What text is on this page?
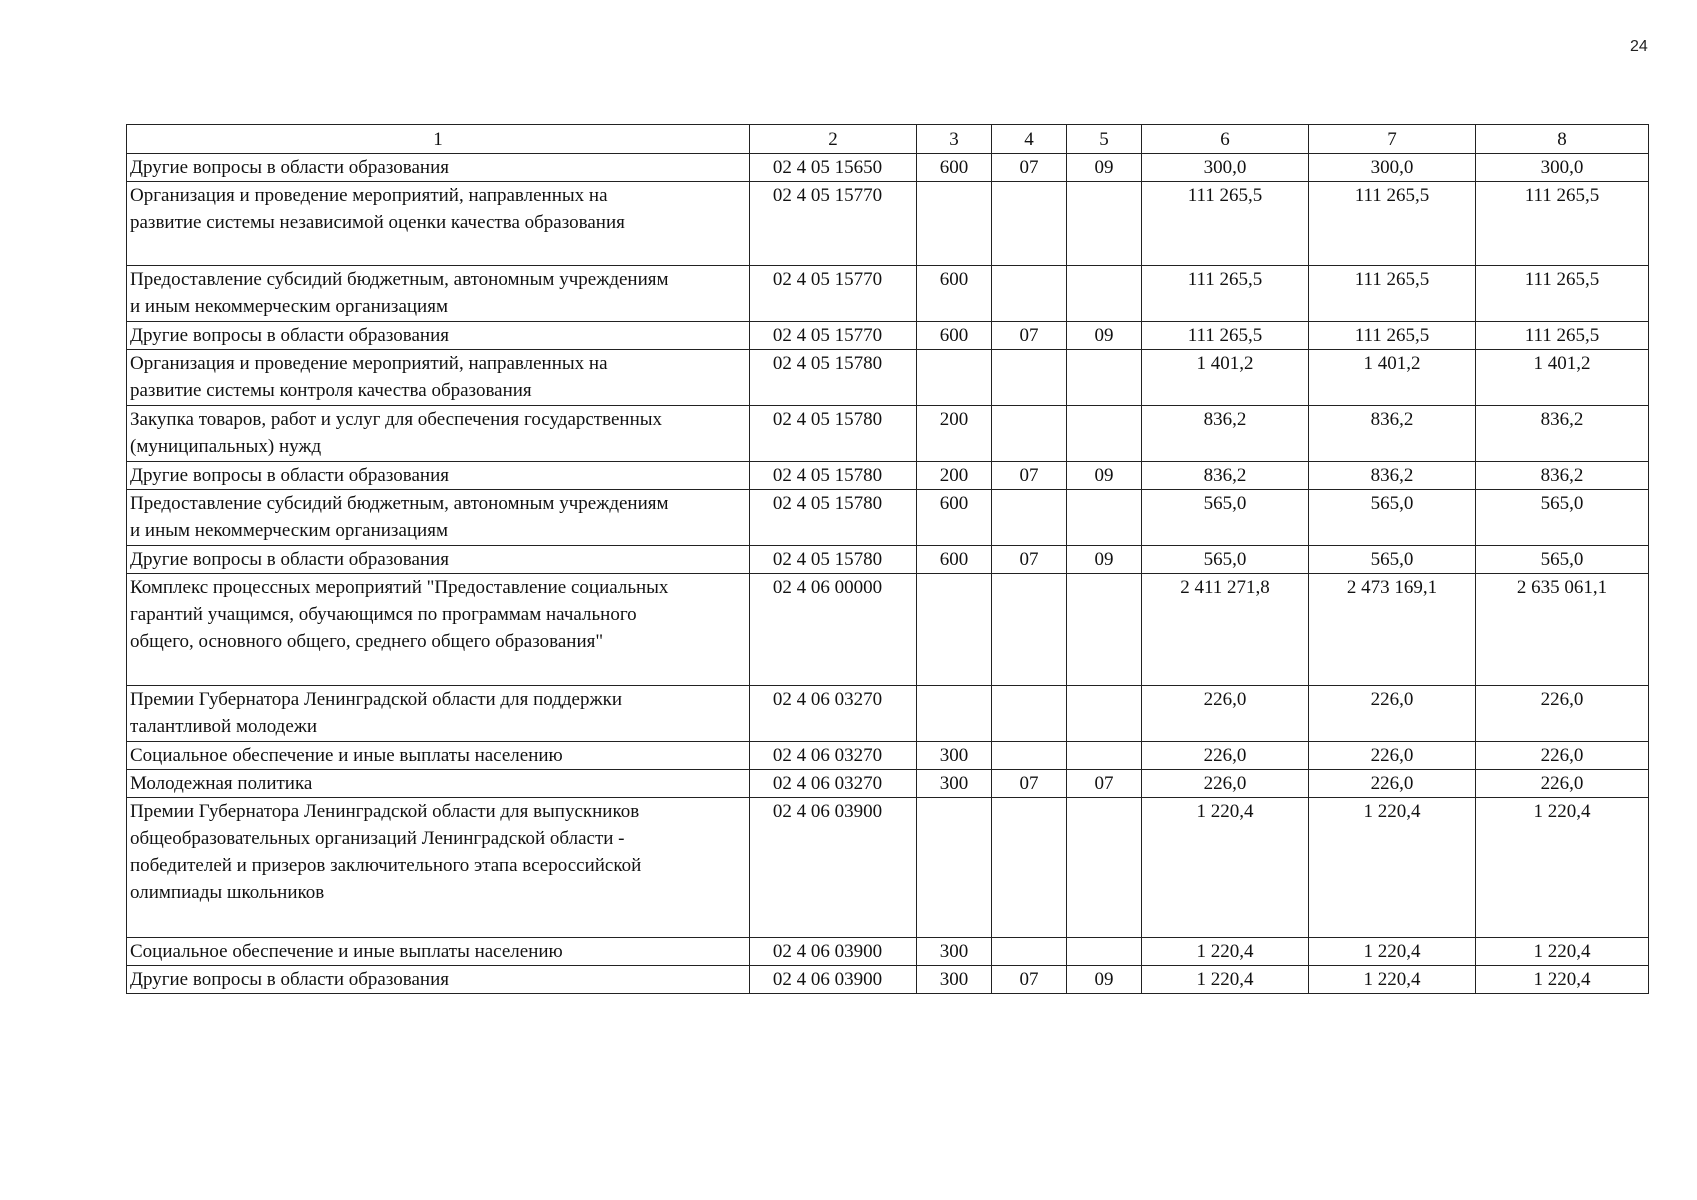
24
1	2	3	4	5	6	7	8
Другие вопросы в области образования	02 4 05 15650	600	07	09	300,0	300,0	300,0
Организация и проведение мероприятий, направленных на
развитие системы независимой оценки качества образования	02 4 05 15770				111 265,5	111 265,5	111 265,5
Предоставление субсидий бюджетным, автономным учреждениям
и иным некоммерческим организациям	02 4 05 15770	600			111 265,5	111 265,5	111 265,5
Другие вопросы в области образования	02 4 05 15770	600	07	09	111 265,5	111 265,5	111 265,5
Организация и проведение мероприятий, направленных на
развитие системы контроля качества образования	02 4 05 15780				1 401,2	1 401,2	1 401,2
Закупка товаров, работ и услуг для обеспечения государственных
(муниципальных) нужд	02 4 05 15780	200			836,2	836,2	836,2
Другие вопросы в области образования	02 4 05 15780	200	07	09	836,2	836,2	836,2
Предоставление субсидий бюджетным, автономным учреждениям
и иным некоммерческим организациям	02 4 05 15780	600			565,0	565,0	565,0
Другие вопросы в области образования	02 4 05 15780	600	07	09	565,0	565,0	565,0
Комплекс процессных мероприятий "Предоставление социальных
гарантий учащимся, обучающимся по программам начального
общего, основного общего, среднего общего образования"	02 4 06 00000				2 411 271,8	2 473 169,1	2 635 061,1
Премии Губернатора Ленинградской области для поддержки
талантливой молодежи	02 4 06 03270				226,0	226,0	226,0
Социальное обеспечение и иные выплаты населению	02 4 06 03270	300			226,0	226,0	226,0
Молодежная политика	02 4 06 03270	300	07	07	226,0	226,0	226,0
Премии Губернатора Ленинградской области для выпускников
общеобразовательных организаций Ленинградской области -
победителей и призеров заключительного этапа всероссийской
олимпиады школьников	02 4 06 03900				1 220,4	1 220,4	1 220,4
Социальное обеспечение и иные выплаты населению	02 4 06 03900	300			1 220,4	1 220,4	1 220,4
Другие вопросы в области образования	02 4 06 03900	300	07	09	1 220,4	1 220,4	1 220,4
